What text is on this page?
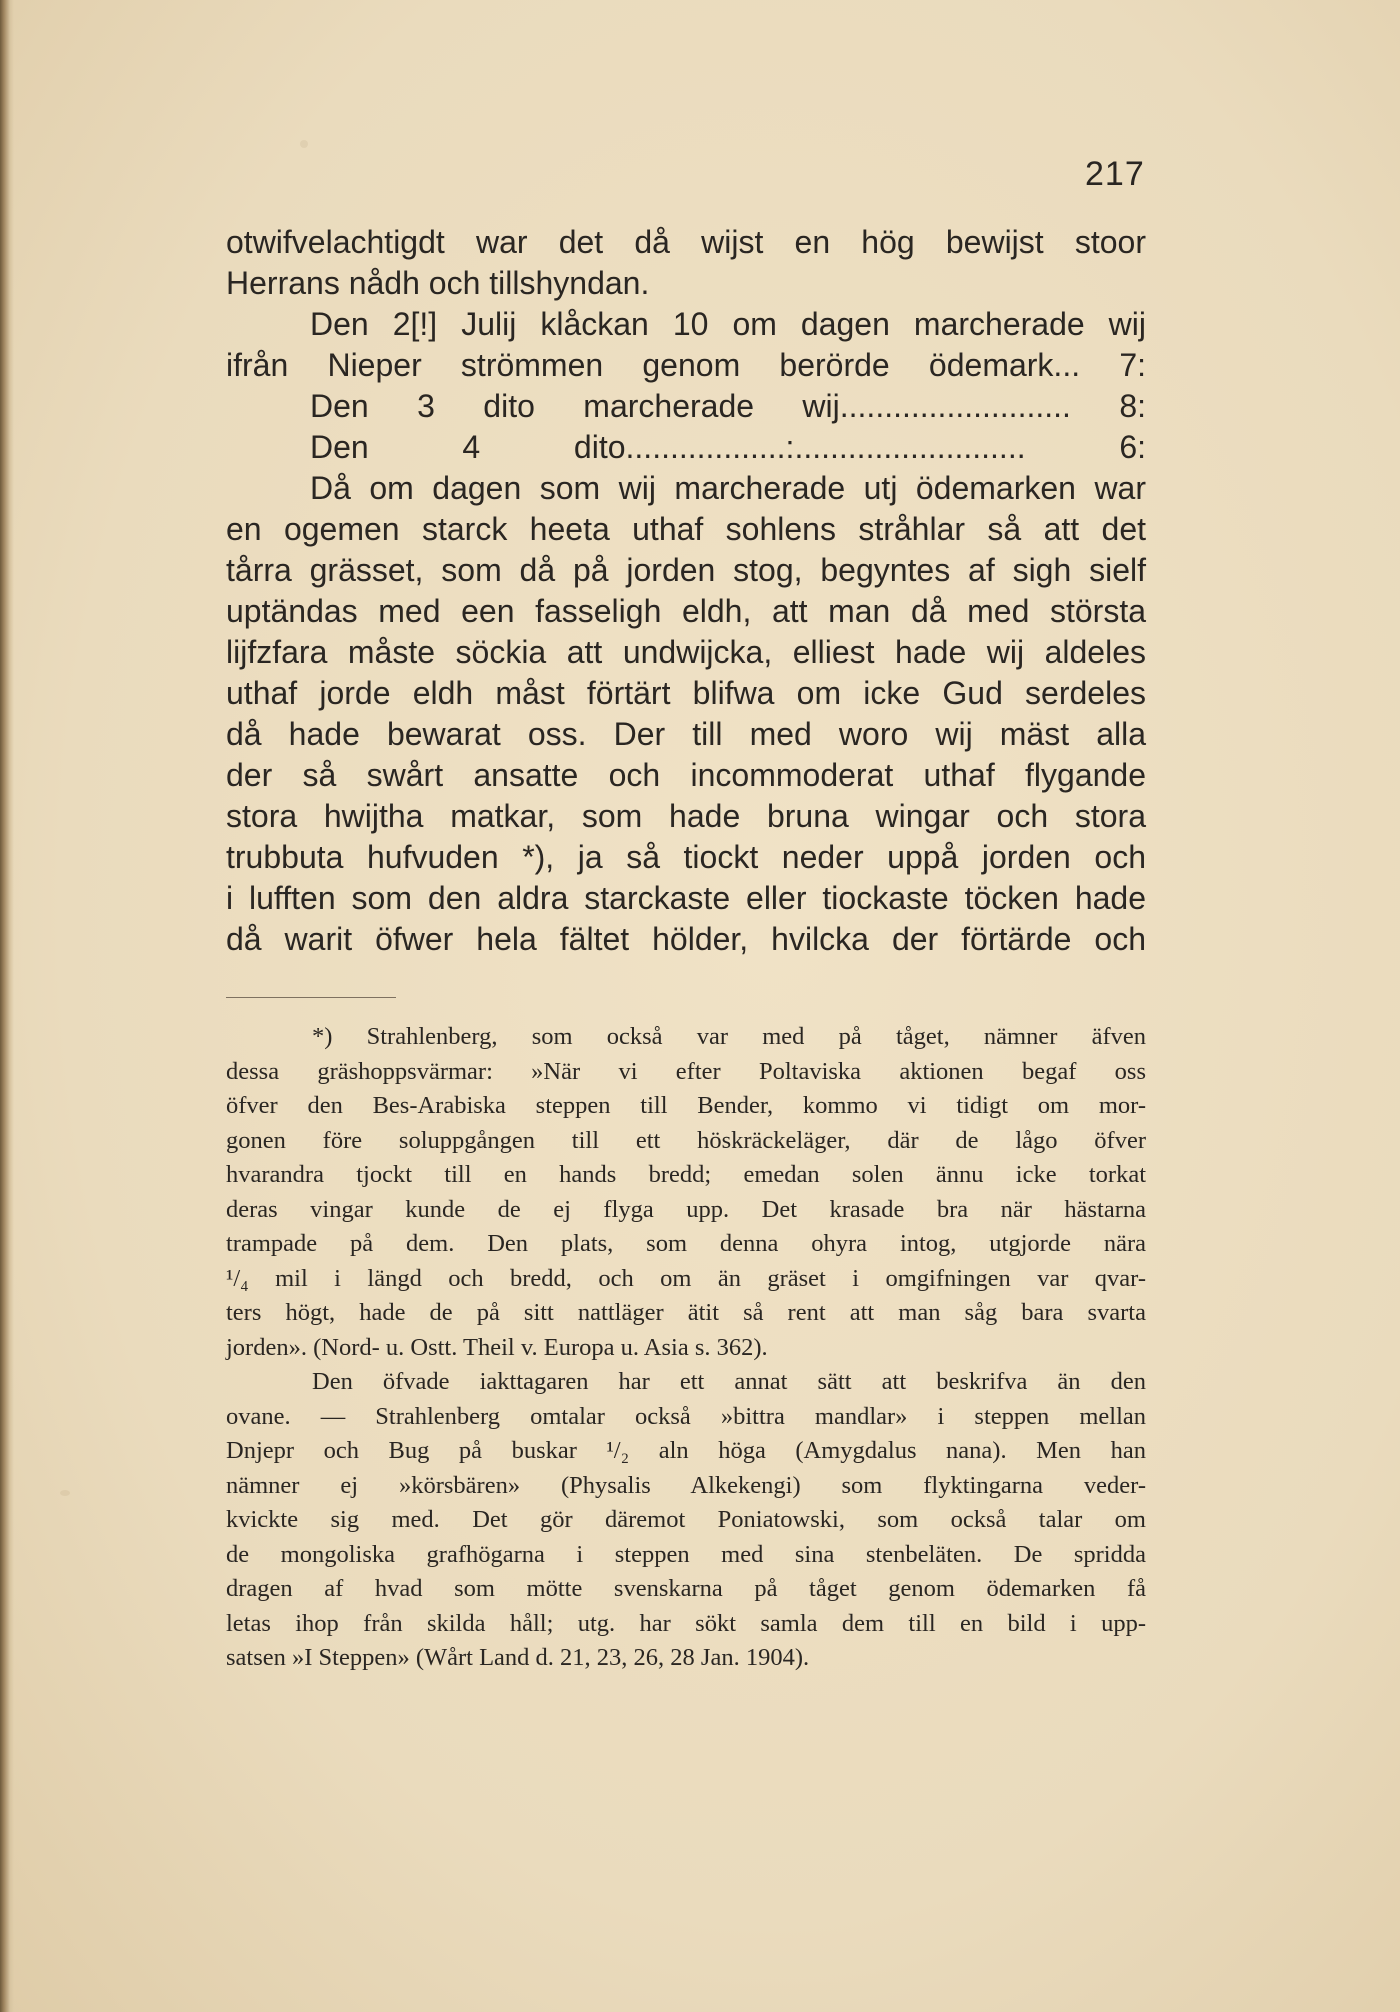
217
otwifvelachtigdt war det då wijst en hög bewijst stoor
Herrans nådh och tillshyndan.
Den 2[!] Julij klåckan 10 om dagen marcherade wij
ifrån Nieper strömmen genom berörde ödemark... 7:
Den 3 dito marcherade wij.......................... 8:
Den 4 dito..................:.......................... 6:
Då om dagen som wij marcherade utj ödemarken war
en ogemen starck heeta uthaf sohlens stråhlar så att det
tårra grässet, som då på jorden stog, begyntes af sigh sielf
uptändas med een fasseligh eldh, att man då med största
lijfzfara måste söckia att undwijcka, elliest hade wij aldeles
uthaf jorde eldh måst förtärt blifwa om icke Gud serdeles
då hade bewarat oss. Der till med woro wij mäst alla
der så swårt ansatte och incommoderat uthaf flygande
stora hwijtha matkar, som hade bruna wingar och stora
trubbuta hufvuden *), ja så tiockt neder uppå jorden och
i lufften som den aldra starckaste eller tiockaste töcken hade
då warit öfwer hela fältet hölder, hvilcka der förtärde och
*) Strahlenberg, som också var med på tåget, nämner äfven
dessa gräshoppsvärmar: »När vi efter Poltaviska aktionen begaf oss
öfver den Bes-Arabiska steppen till Bender, kommo vi tidigt om mor-
gonen före soluppgången till ett höskräckeläger, där de lågo öfver
hvarandra tjockt till en hands bredd; emedan solen ännu icke torkat
deras vingar kunde de ej flyga upp. Det krasade bra när hästarna
trampade på dem. Den plats, som denna ohyra intog, utgjorde nära
¹/₄ mil i längd och bredd, och om än gräset i omgifningen var qvar-
ters högt, hade de på sitt nattläger ätit så rent att man såg bara svarta
jorden». (Nord- u. Ostt. Theil v. Europa u. Asia s. 362).
Den öfvade iakttagaren har ett annat sätt att beskrifva än den
ovane. — Strahlenberg omtalar också »bittra mandlar» i steppen mellan
Dnjepr och Bug på buskar ¹/₂ aln höga (Amygdalus nana). Men han
nämner ej »körsbären» (Physalis Alkekengi) som flyktingarna veder-
kvickte sig med. Det gör däremot Poniatowski, som också talar om
de mongoliska grafhögarna i steppen med sina stenbeläten. De spridda
dragen af hvad som mötte svenskarna på tåget genom ödemarken få
letas ihop från skilda håll; utg. har sökt samla dem till en bild i upp-
satsen »I Steppen» (Wårt Land d. 21, 23, 26, 28 Jan. 1904).
